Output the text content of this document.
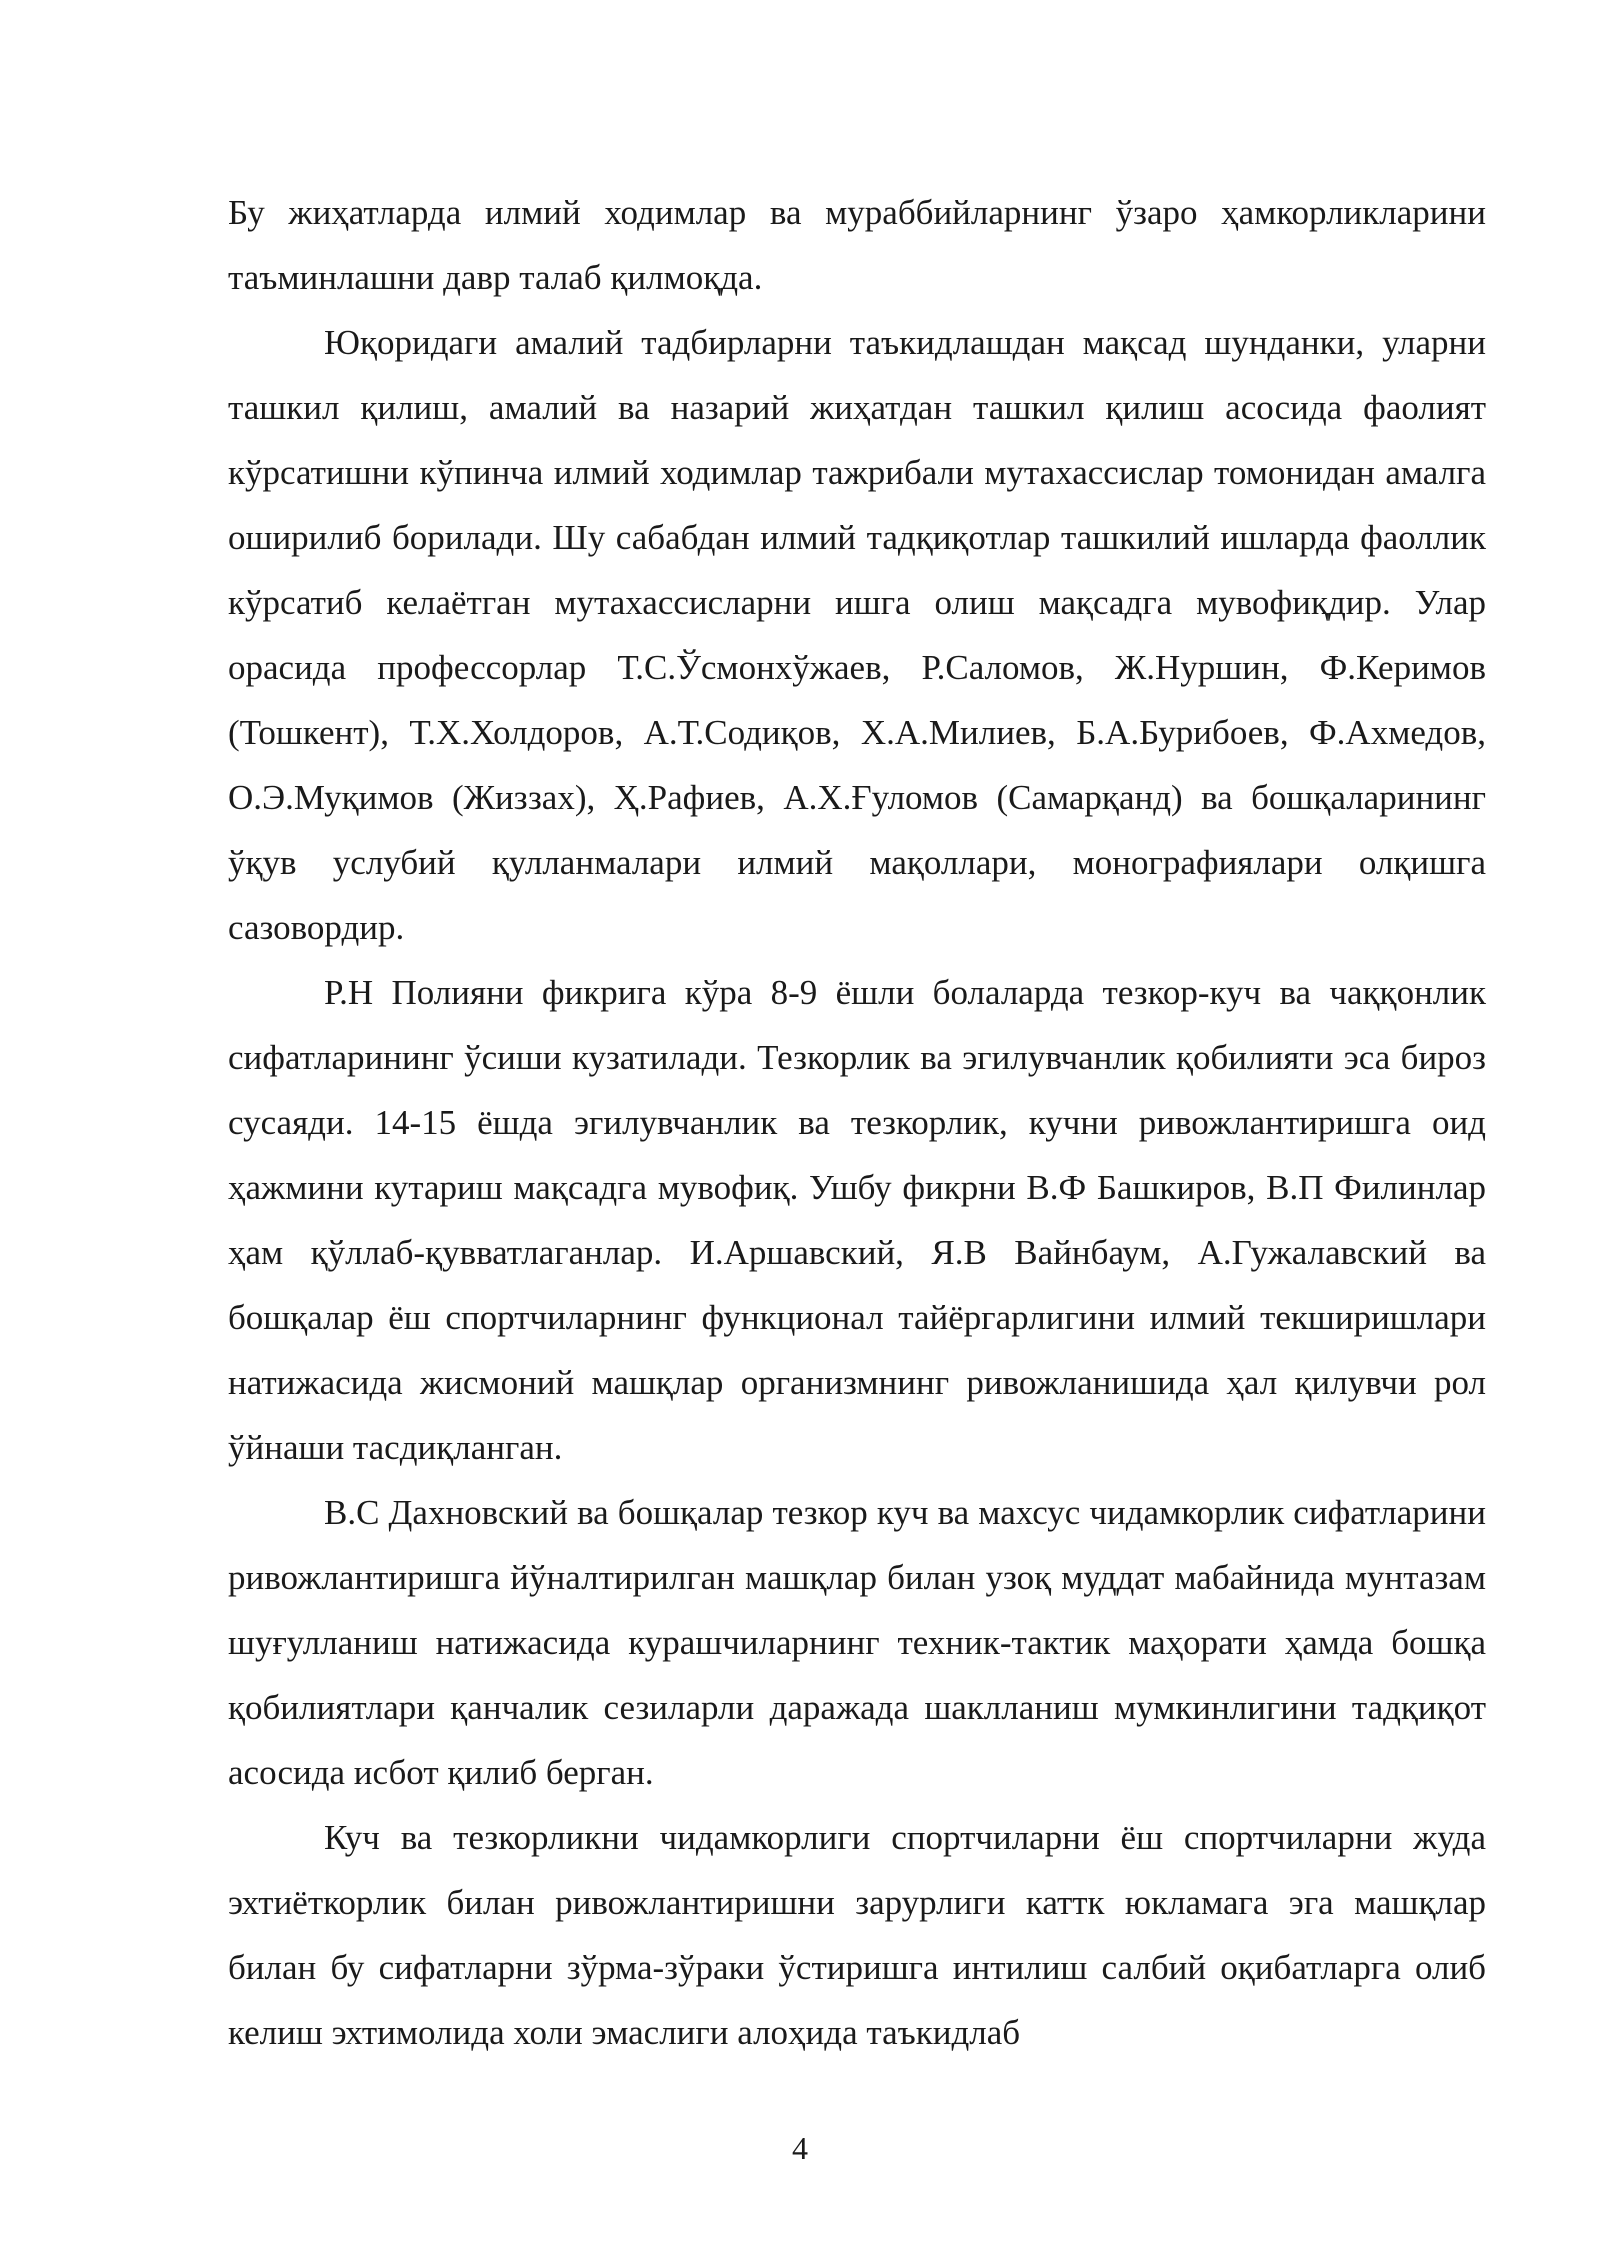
Бу жиҳатларда илмий ходимлар ва мураббийларнинг ўзаро ҳамкорликларини таъминлашни давр талаб қилмоқда.

Юқоридаги амалий тадбирларни таъкидлашдан мақсад шунданки, уларни ташкил қилиш, амалий ва назарий жиҳатдан ташкил қилиш асосида фаолият кўрсатишни кўпинча илмий ходимлар тажрибали мутахассислар томонидан амалга оширилиб борилади. Шу сабабдан илмий тадқиқотлар ташкилий ишларда фаоллик кўрсатиб келаётган мутахассисларни ишга олиш мақсадга мувофиқдир. Улар орасида профессорлар Т.С.Ўсмонхўжаев, Р.Саломов, Ж.Нуршин, Ф.Керимов (Тошкент), Т.Х.Холдоров, А.Т.Содиқов, Х.А.Милиев, Б.А.Бурибоев, Ф.Ахмедов, О.Э.Муқимов (Жиззах), Ҳ.Рафиев, А.Х.Ғуломов (Самарқанд) ва бошқаларининг ўқув услубий қулланмалари илмий мақоллари, монографиялари олқишга сазовордир.

Р.Н Полияни фикрига кўра 8-9 ёшли болаларда тезкор-куч ва чаққонлик сифатларининг ўсиши кузатилади. Тезкорлик ва эгилувчанлик қобилияти эса бироз сусаяди. 14-15 ёшда эгилувчанлик ва тезкорлик, кучни ривожлантиришга оид ҳажмини кутариш мақсадга мувофиқ. Ушбу фикрни В.Ф Башкиров, В.П Филинлар ҳам қўллаб-қувватлаганлар. И.Аршавский, Я.В Вайнбаум, А.Гужалавский ва бошқалар ёш спортчиларнинг функционал тайёргарлигини илмий текширишлари натижасида жисмоний машқлар организмнинг ривожланишида ҳал қилувчи рол ўйнаши тасдиқланган.

В.С Дахновский ва бошқалар тезкор куч ва махсус чидамкорлик сифатларини ривожлантиришга йўналтирилган машқлар билан узоқ муддат мабайнида мунтазам шуғулланиш натижасида курашчиларнинг техник-тактик маҳорати ҳамда бошқа қобилиятлари қанчалик сезиларли даражада шаклланиш мумкинлигини тадқиқот асосида исбот қилиб берган.

Куч ва тезкорликни чидамкорлиги спортчиларни ёш спортчиларни жуда эхтиёткорлик билан ривожлантиришни зарурлиги каттк юкламага эга машқлар билан бу сифатларни зўрма-зўраки ўстиришга интилиш салбий оқибатларга олиб келиш эхтимолида холи эмаслиги алоҳида таъкидлаб

4
